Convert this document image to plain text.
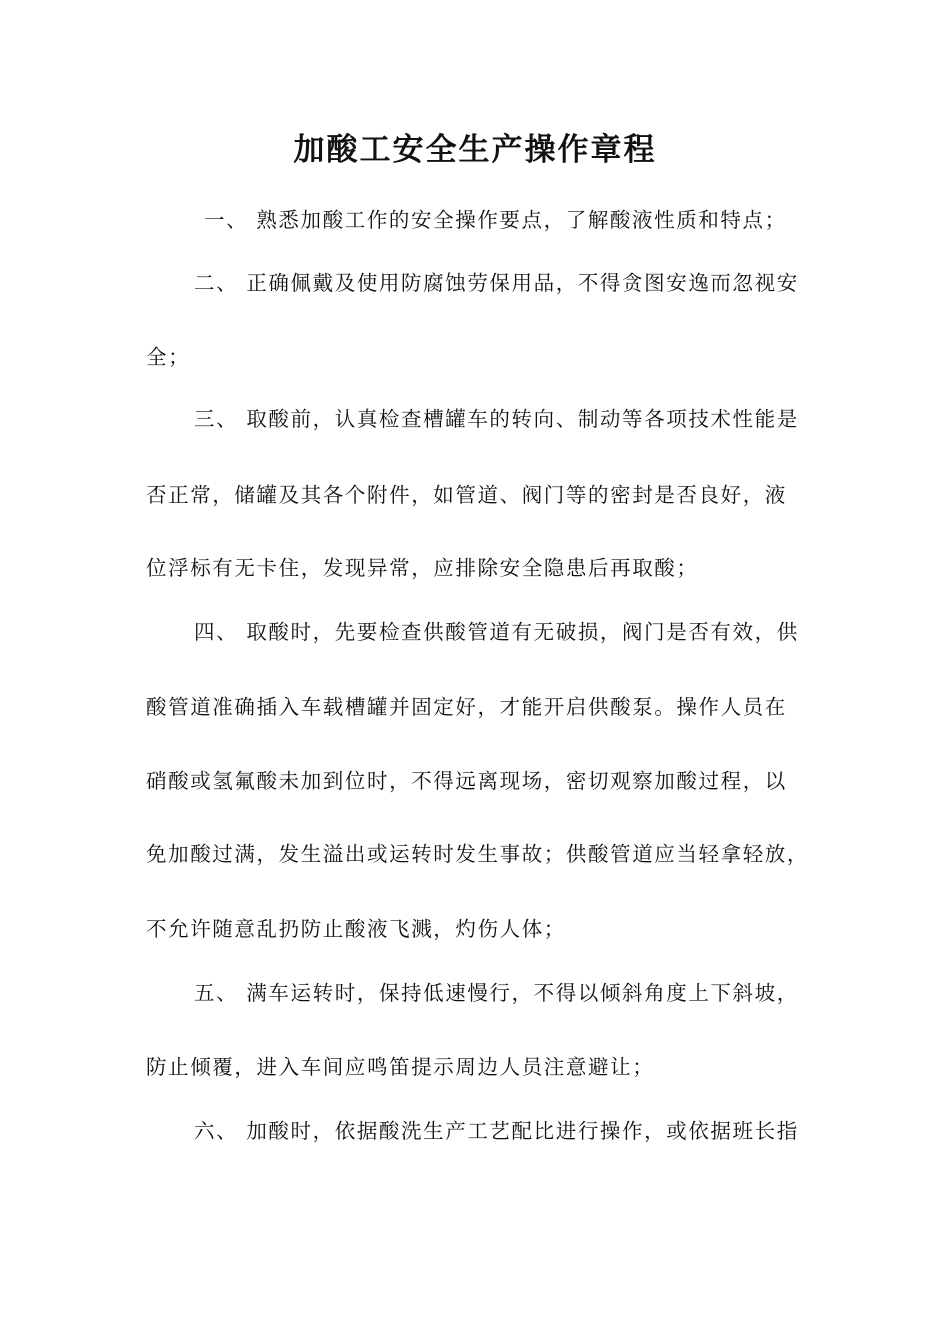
加酸工安全生产操作章程
一、 熟悉加酸工作的安全操作要点，了解酸液性质和特点；
二、 正确佩戴及使用防腐蚀劳保用品，不得贪图安逸而忽视安
全；
三、 取酸前，认真检查槽罐车的转向、制动等各项技术性能是
否正常，储罐及其各个附件，如管道、阀门等的密封是否良好，液
位浮标有无卡住，发现异常，应排除安全隐患后再取酸；
四、 取酸时，先要检查供酸管道有无破损，阀门是否有效，供
酸管道准确插入车载槽罐并固定好，才能开启供酸泵。操作人员在
硝酸或氢氟酸未加到位时，不得远离现场，密切观察加酸过程，以
免加酸过满，发生溢出或运转时发生事故；供酸管道应当轻拿轻放，
不允许随意乱扔防止酸液飞溅，灼伤人体；
五、 满车运转时，保持低速慢行，不得以倾斜角度上下斜坡，
防止倾覆，进入车间应鸣笛提示周边人员注意避让；
六、 加酸时，依据酸洗生产工艺配比进行操作，或依据班长指
